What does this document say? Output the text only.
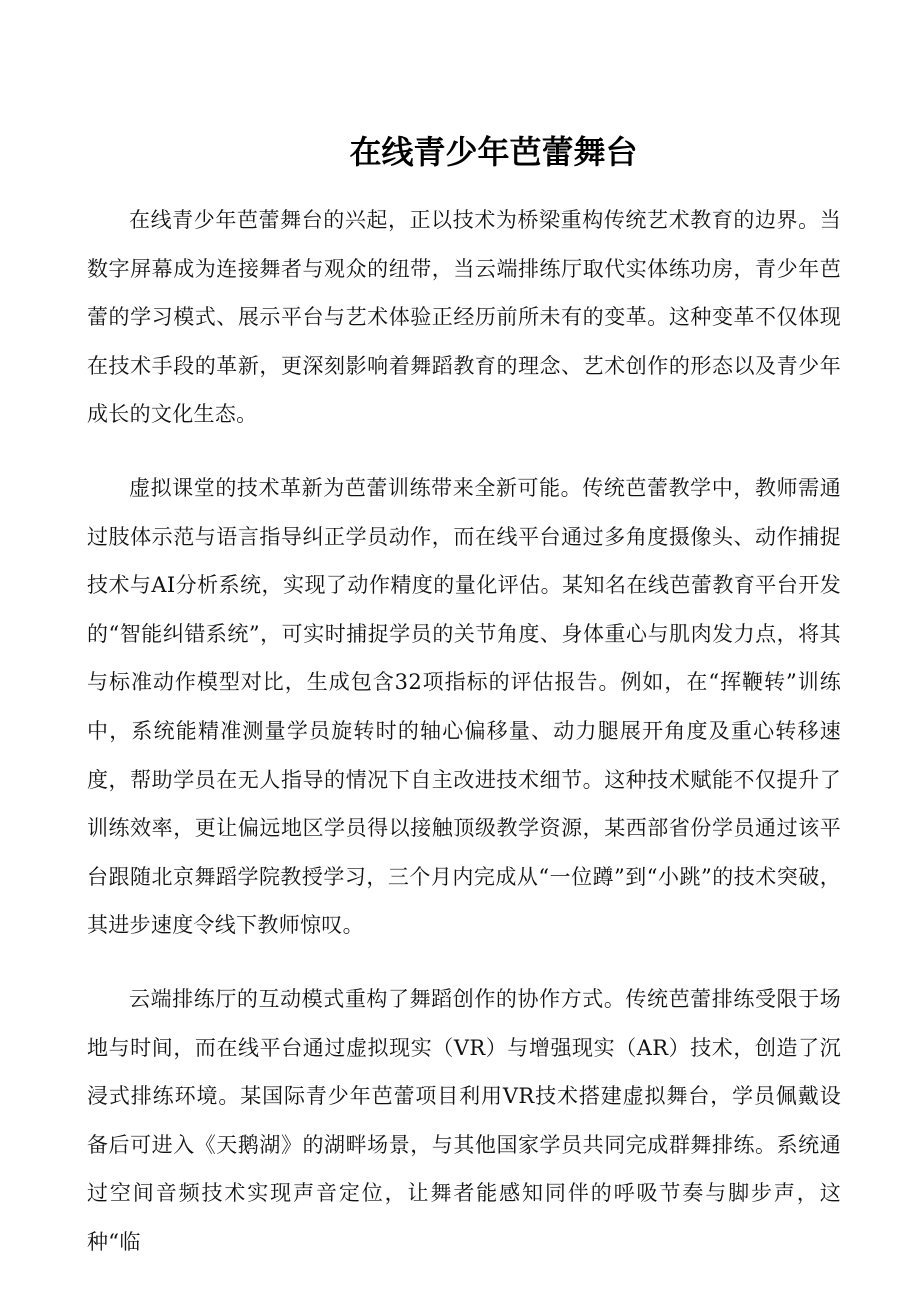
在线青少年芭蕾舞台

在线青少年芭蕾舞台的兴起，正以技术为桥梁重构传统艺术教育的边界。当数字屏幕成为连接舞者与观众的纽带，当云端排练厅取代实体练功房，青少年芭蕾的学习模式、展示平台与艺术体验正经历前所未有的变革。这种变革不仅体现在技术手段的革新，更深刻影响着舞蹈教育的理念、艺术创作的形态以及青少年成长的文化生态。

虚拟课堂的技术革新为芭蕾训练带来全新可能。传统芭蕾教学中，教师需通过肢体示范与语言指导纠正学员动作，而在线平台通过多角度摄像头、动作捕捉技术与AI分析系统，实现了动作精度的量化评估。某知名在线芭蕾教育平台开发的“智能纠错系统”，可实时捕捉学员的关节角度、身体重心与肌肉发力点，将其与标准动作模型对比，生成包含32项指标的评估报告。例如，在“挥鞭转”训练中，系统能精准测量学员旋转时的轴心偏移量、动力腿展开角度及重心转移速度，帮助学员在无人指导的情况下自主改进技术细节。这种技术赋能不仅提升了训练效率，更让偏远地区学员得以接触顶级教学资源，某西部省份学员通过该平台跟随北京舞蹈学院教授学习，三个月内完成从“一位蹲”到“小跳”的技术突破，其进步速度令线下教师惊叹。

云端排练厅的互动模式重构了舞蹈创作的协作方式。传统芭蕾排练受限于场地与时间，而在线平台通过虚拟现实（VR）与增强现实（AR）技术，创造了沉浸式排练环境。某国际青少年芭蕾项目利用VR技术搭建虚拟舞台，学员佩戴设备后可进入《天鹅湖》的湖畔场景，与其他国家学员共同完成群舞排练。系统通过空间音频技术实现声音定位，让舞者能感知同伴的呼吸节奏与脚步声，这种“临
